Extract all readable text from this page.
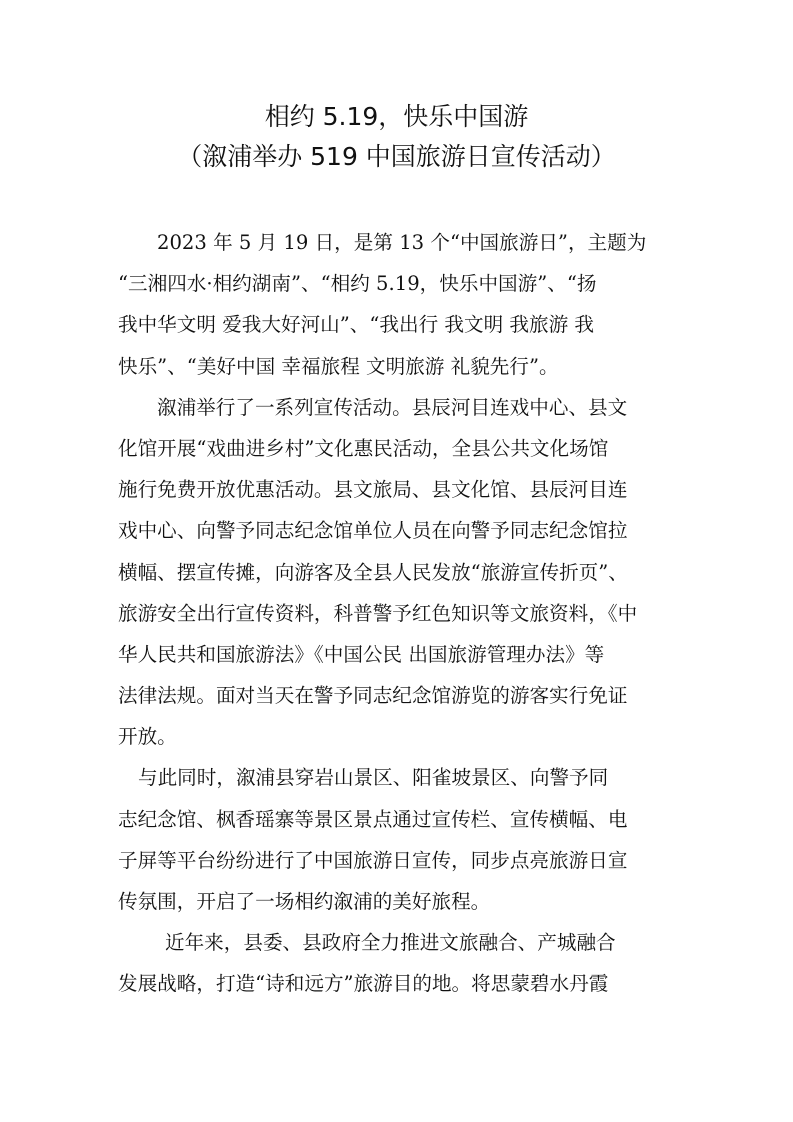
相约 5.19，快乐中国游
（溆浦举办 519 中国旅游日宣传活动）
2023 年 5 月 19 日，是第 13 个“中国旅游日”，主题为
“三湘四水·相约湖南”、“相约 5.19，快乐中国游”、“扬
我中华文明 爱我大好河山”、“我出行 我文明 我旅游 我
快乐”、“美好中国 幸福旅程 文明旅游 礼貌先行”。
溆浦举行了一系列宣传活动。县辰河目连戏中心、县文
化馆开展“戏曲进乡村”文化惠民活动，全县公共文化场馆
施行免费开放优惠活动。县文旅局、县文化馆、县辰河目连
戏中心、向警予同志纪念馆单位人员在向警予同志纪念馆拉
横幅、摆宣传摊，向游客及全县人民发放“旅游宣传折页”、
旅游安全出行宣传资料，科普警予红色知识等文旅资料，《中
华人民共和国旅游法》《中国公民 出国旅游管理办法》等
法律法规。面对当天在警予同志纪念馆游览的游客实行免证
开放。
与此同时，溆浦县穿岩山景区、阳雀坡景区、向警予同
志纪念馆、枫香瑶寨等景区景点通过宣传栏、宣传横幅、电
子屏等平台纷纷进行了中国旅游日宣传，同步点亮旅游日宣
传氛围，开启了一场相约溆浦的美好旅程。
近年来，县委、县政府全力推进文旅融合、产城融合
发展战略，打造“诗和远方”旅游目的地。将思蒙碧水丹霞
